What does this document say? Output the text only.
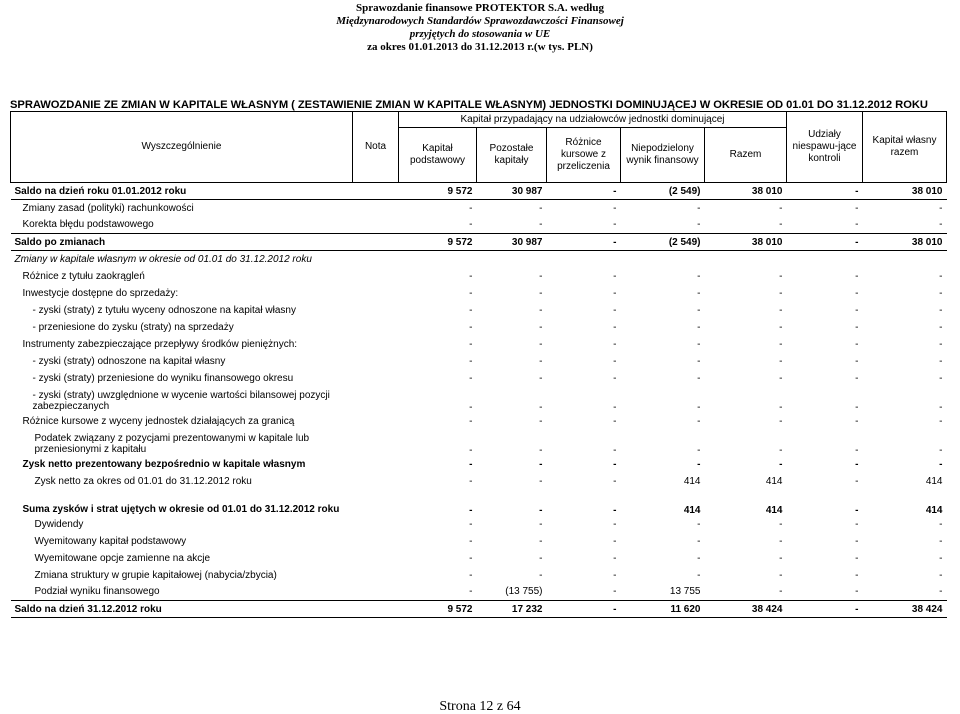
Sprawozdanie finansowe PROTEKTOR S.A. według
Międzynarodowych Standardów Sprawozdawczości Finansowej
przyjętych do stosowania w UE
za okres 01.01.2013 do 31.12.2013 r.(w tys. PLN)
SPRAWOZDANIE ZE ZMIAN W KAPITALE WŁASNYM ( ZESTAWIENIE ZMIAN W KAPITALE WŁASNYM) JEDNOSTKI DOMINUJĄCEJ W OKRESIE OD 01.01 DO 31.12.2012 ROKU
Wyszczególnienie	Nota	Kapitał przypadający na udziałowców jednostki dominującej					Udziały niespawu-jące kontroli	Kapitał własny razem
		Kapitał podstawowy	Pozostałe kapitały	Różnice kursowe z przeliczenia	Niepodzielony wynik finansowy	Razem		
Saldo na dzień roku 01.01.2012 roku		9 572	30 987	-	(2 549)	38 010	-	38 010
Zmiany zasad (polityki) rachunkowości		-	-	-	-	-	-	-
Korekta błędu podstawowego		-	-	-	-	-	-	-
Saldo po zmianach		9 572	30 987	-	(2 549)	38 010	-	38 010
Zmiany w kapitale własnym w okresie od 01.01 do 31.12.2012 roku								
Różnice z tytułu zaokrągleń		-	-	-	-	-	-	-
Inwestycje dostępne do sprzedaży:		-	-	-	-	-	-	-
- zyski (straty) z tytułu wyceny odnoszone na kapitał własny		-	-	-	-	-	-	-
- przeniesione do zysku (straty) na sprzedaży		-	-	-	-	-	-	-
Instrumenty zabezpieczające przepływy środków pieniężnych:		-	-	-	-	-	-	-
- zyski (straty) odnoszone na kapitał własny		-	-	-	-	-	-	-
- zyski (straty) przeniesione do wyniku finansowego okresu		-	-	-	-	-	-	-
- zyski (straty) uwzględnione w wycenie wartości bilansowej pozycji zabezpieczanych		-	-	-	-	-	-	-
Różnice kursowe z wyceny jednostek działających za granicą		-	-	-	-	-	-	-
Podatek związany z pozycjami prezentowanymi w kapitale lub przeniesionymi z kapitału		-	-	-	-	-	-	-
Zysk netto prezentowany bezpośrednio w kapitale własnym		-	-	-	-	-	-	-
Zysk netto za okres od 01.01 do 31.12.2012 roku		-	-	-	414	414	-	414
Suma zysków i strat ujętych w okresie od 01.01 do 31.12.2012 roku		-	-	-	414	414	-	414
Dywidendy		-	-	-	-	-	-	-
Wyemitowany kapitał podstawowy		-	-	-	-	-	-	-
Wyemitowane opcje zamienne na akcje		-	-	-	-	-	-	-
Zmiana struktury w grupie kapitałowej (nabycia/zbycia)		-	-	-	-	-	-	-
Podział wyniku finansowego		-	(13 755)	-	13 755	-	-	-
Saldo na dzień 31.12.2012 roku		9 572	17 232	-	11 620	38 424	-	38 424
Strona 12 z 64
